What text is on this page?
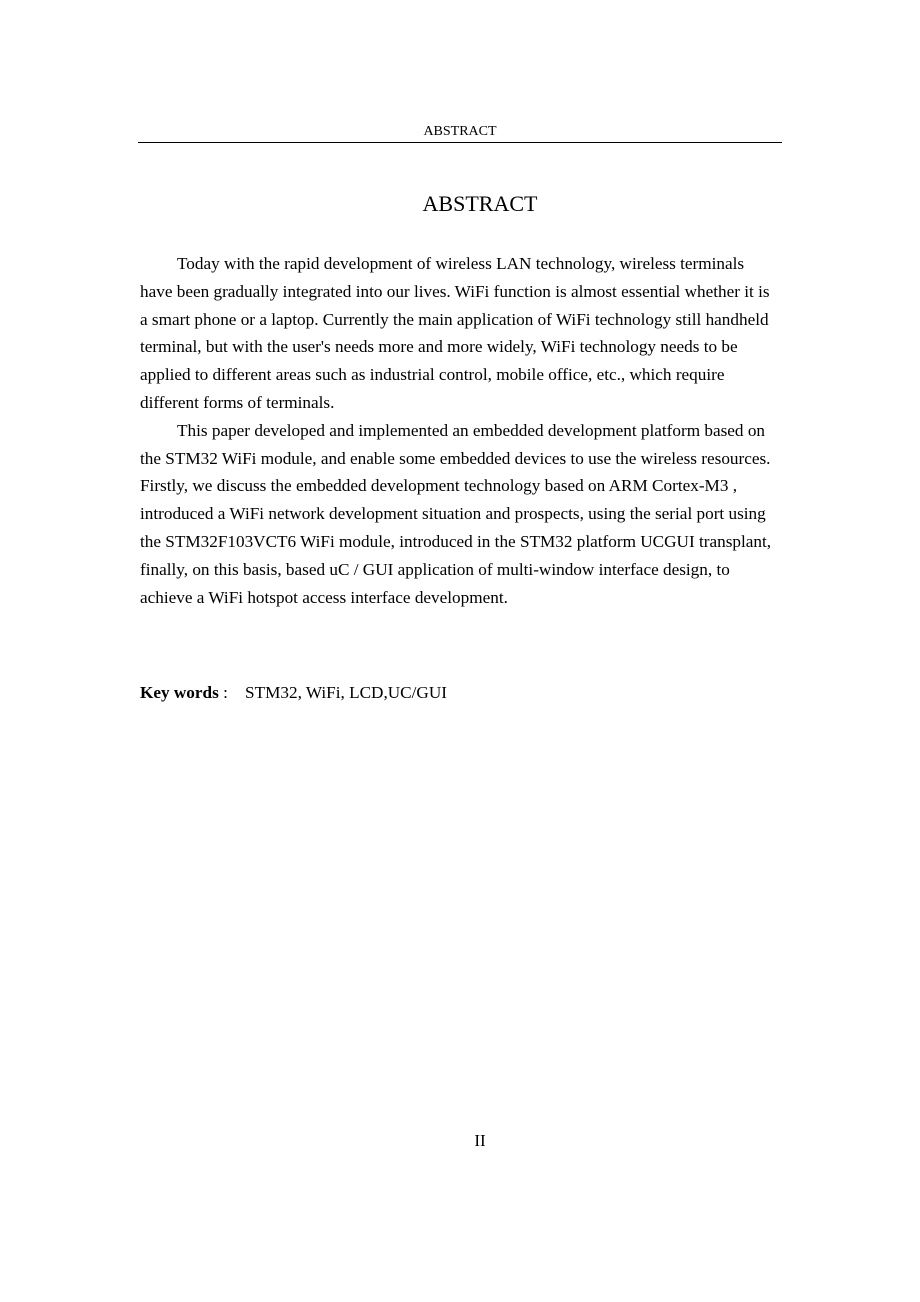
ABSTRACT
ABSTRACT

Today with the rapid development of wireless LAN technology, wireless terminals have been gradually integrated into our lives. WiFi function is almost essential whether it is a smart phone or a laptop. Currently the main application of WiFi technology still handheld terminal, but with the user's needs more and more widely, WiFi technology needs to be applied to different areas such as industrial control, mobile office, etc., which require different forms of terminals.

This paper developed and implemented an embedded development platform based on the STM32 WiFi module, and enable some embedded devices to use the wireless resources. Firstly, we discuss the embedded development technology based on ARM Cortex-M3 , introduced a WiFi network development situation and prospects, using the serial port using the STM32F103VCT6 WiFi module, introduced in the STM32 platform UCGUI transplant, finally, on this basis, based uC / GUI application of multi-window interface design, to achieve a WiFi hotspot access interface development.

Key words :    STM32, WiFi, LCD,UC/GUI
II
